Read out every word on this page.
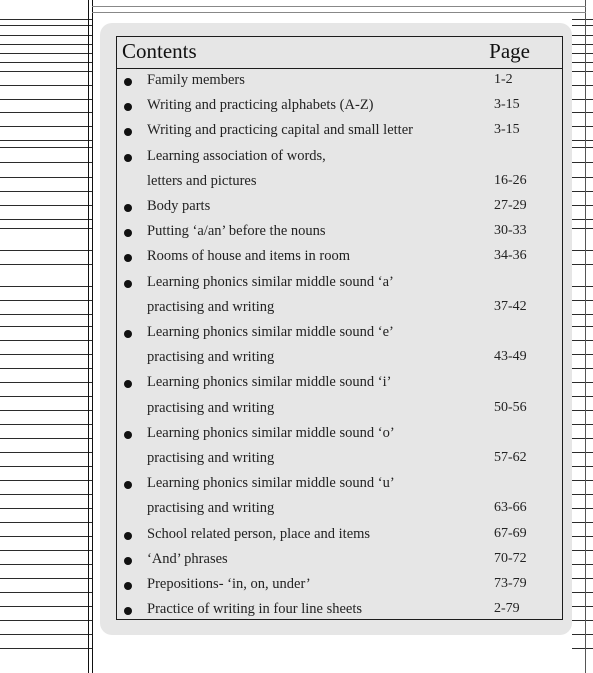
Contents	Page
Family members	1-2
Writing and practicing alphabets (A-Z)	3-15
Writing and practicing capital and small letter	3-15
Learning association of words,
letters and pictures	16-26
Body parts	27-29
Putting ‘a/an’ before the nouns	30-33
Rooms of house and items in room	34-36
Learning phonics similar middle sound ‘a’
practising and writing	37-42
Learning phonics similar middle sound ‘e’
practising and writing	43-49
Learning phonics similar middle sound ‘i’
practising and writing	50-56
Learning phonics similar middle sound ‘o’
practising and writing	57-62
Learning phonics similar middle sound ‘u’
practising and writing	63-66
School related person, place and items	67-69
‘And’ phrases	70-72
Prepositions- ‘in, on, under’	73-79
Practice of writing in four line sheets	2-79
